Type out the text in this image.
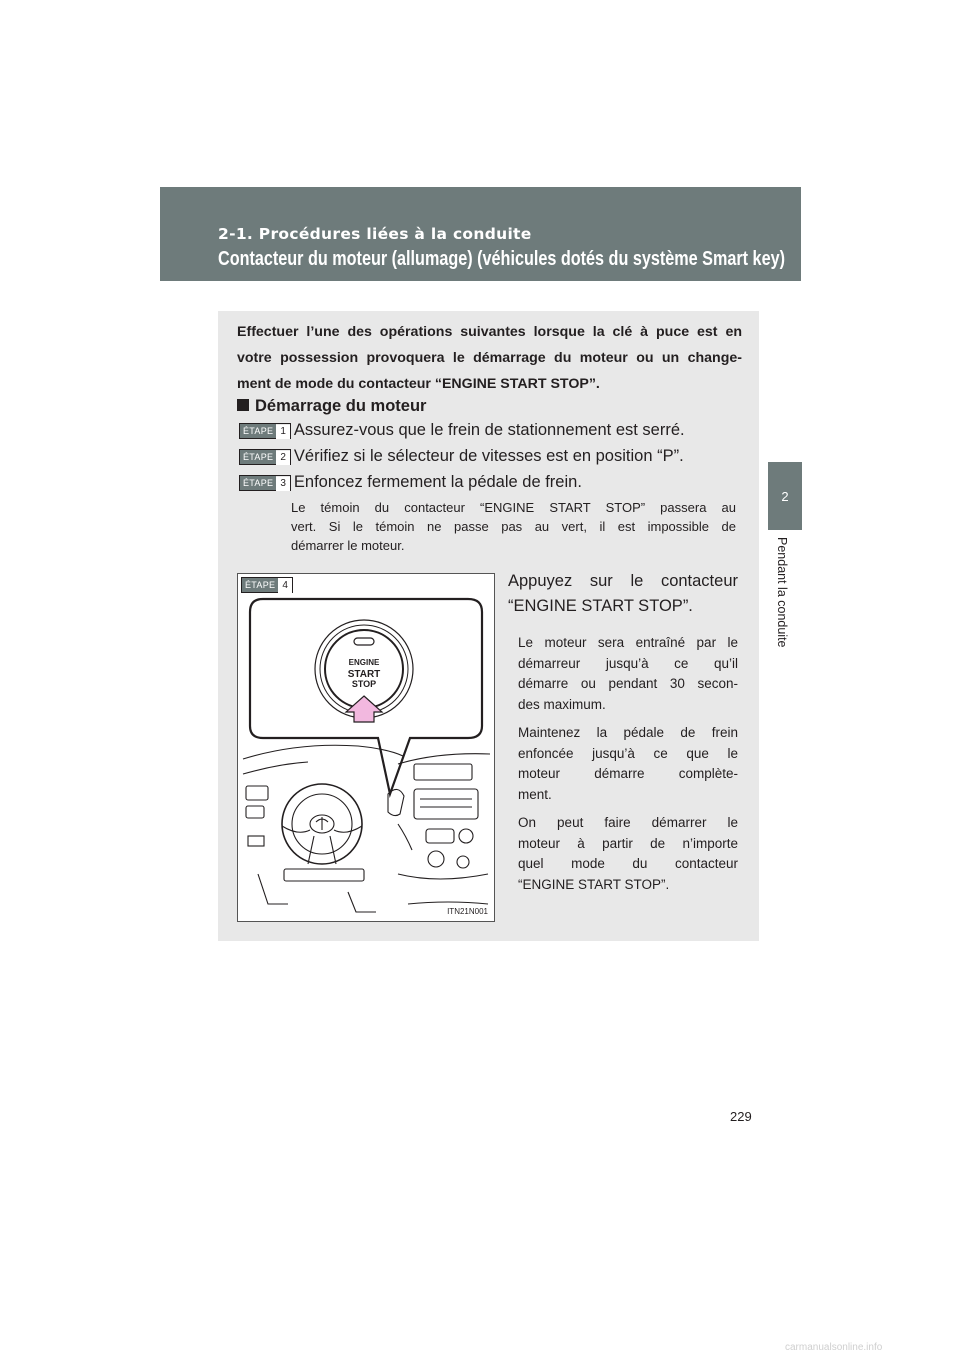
2-1. Procédures liées à la conduite
Contacteur du moteur (allumage) (véhicules dotés du système Smart key)
2
Pendant la conduite
Effectuer l’une des opérations suivantes lorsque la clé à puce est en
votre possession provoquera le démarrage du moteur ou un change-
ment de mode du contacteur “ENGINE START STOP”.
Démarrage du moteur
ÉTAPE 1 Assurez-vous que le frein de stationnement est serré.
ÉTAPE 2 Vérifiez si le sélecteur de vitesses est en position “P”.
ÉTAPE 3 Enfoncez fermement la pédale de frein.
Le témoin du contacteur “ENGINE START STOP” passera au
vert. Si le témoin ne passe pas au vert, il est impossible de
démarrer le moteur.
ÉTAPE 4
ENGINE
START
STOP
ITN21N001
Appuyez sur le contacteur
“ENGINE START STOP”.
Le moteur sera entraîné par le
démarreur jusqu’à ce qu’il
démarre ou pendant 30 secon-
des maximum.
Maintenez la pédale de frein
enfoncée jusqu’à ce que le
moteur démarre complète-
ment.
On peut faire démarrer le
moteur à partir de n’importe
quel mode du contacteur
“ENGINE START STOP”.
229
carmanualsonline.info
